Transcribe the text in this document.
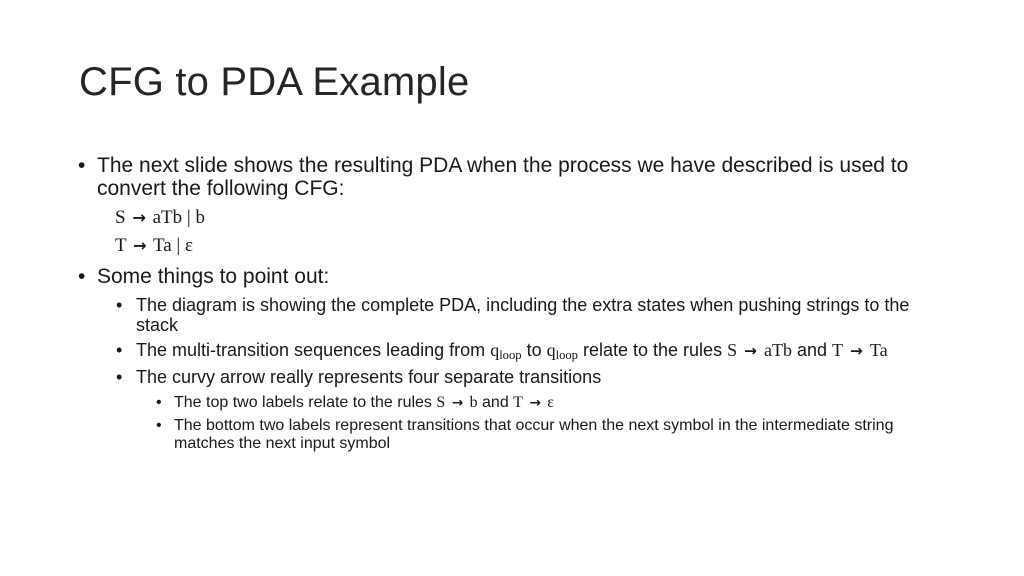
CFG to PDA Example
• The next slide shows the resulting PDA when the process we have described is used to convert the following CFG:
S → aTb | b
T → Ta | ε
• Some things to point out:
• The diagram is showing the complete PDA, including the extra states when pushing strings to the stack
• The multi-transition sequences leading from $q_{loop}$ to $q_{loop}$ relate to the rules S → aTb and T → Ta
• The curvy arrow really represents four separate transitions
• The top two labels relate to the rules S → b and T → ε
• The bottom two labels represent transitions that occur when the next symbol in the intermediate string matches the next input symbol
